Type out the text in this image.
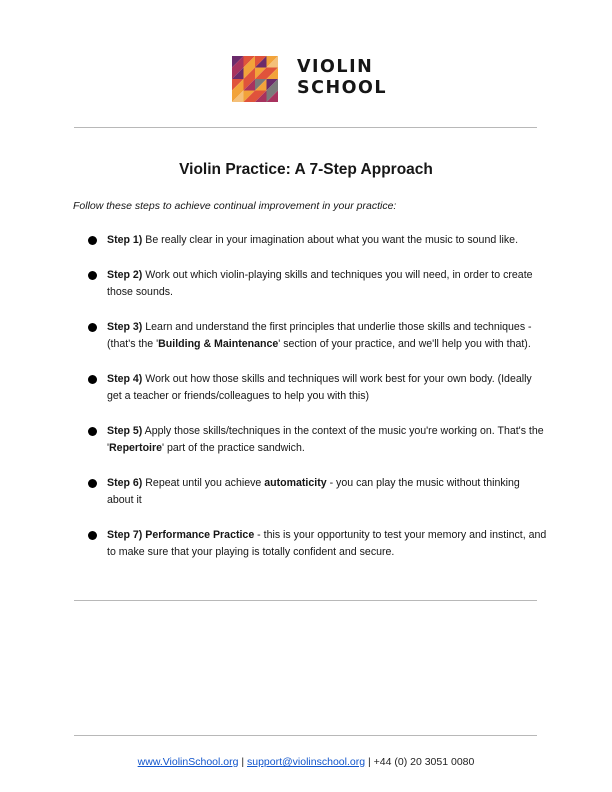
VIOLIN
SCHOOL
Violin Practice: A 7-Step Approach
Follow these steps to achieve continual improvement in your practice:
Step 1) Be really clear in your imagination about what you want the music to sound like.
Step 2) Work out which violin-playing skills and techniques you will need, in order to create those sounds.
Step 3) Learn and understand the first principles that underlie those skills and techniques - (that's the 'Building & Maintenance' section of your practice, and we'll help you with that).
Step 4) Work out how those skills and techniques will work best for your own body. (Ideally get a teacher or friends/colleagues to help you with this)
Step 5) Apply those skills/techniques in the context of the music you're working on. That's the 'Repertoire' part of the practice sandwich.
Step 6) Repeat until you achieve automaticity - you can play the music without thinking about it
Step 7) Performance Practice - this is your opportunity to test your memory and instinct, and to make sure that your playing is totally confident and secure.
www.ViolinSchool.org | support@violinschool.org | +44 (0) 20 3051 0080
